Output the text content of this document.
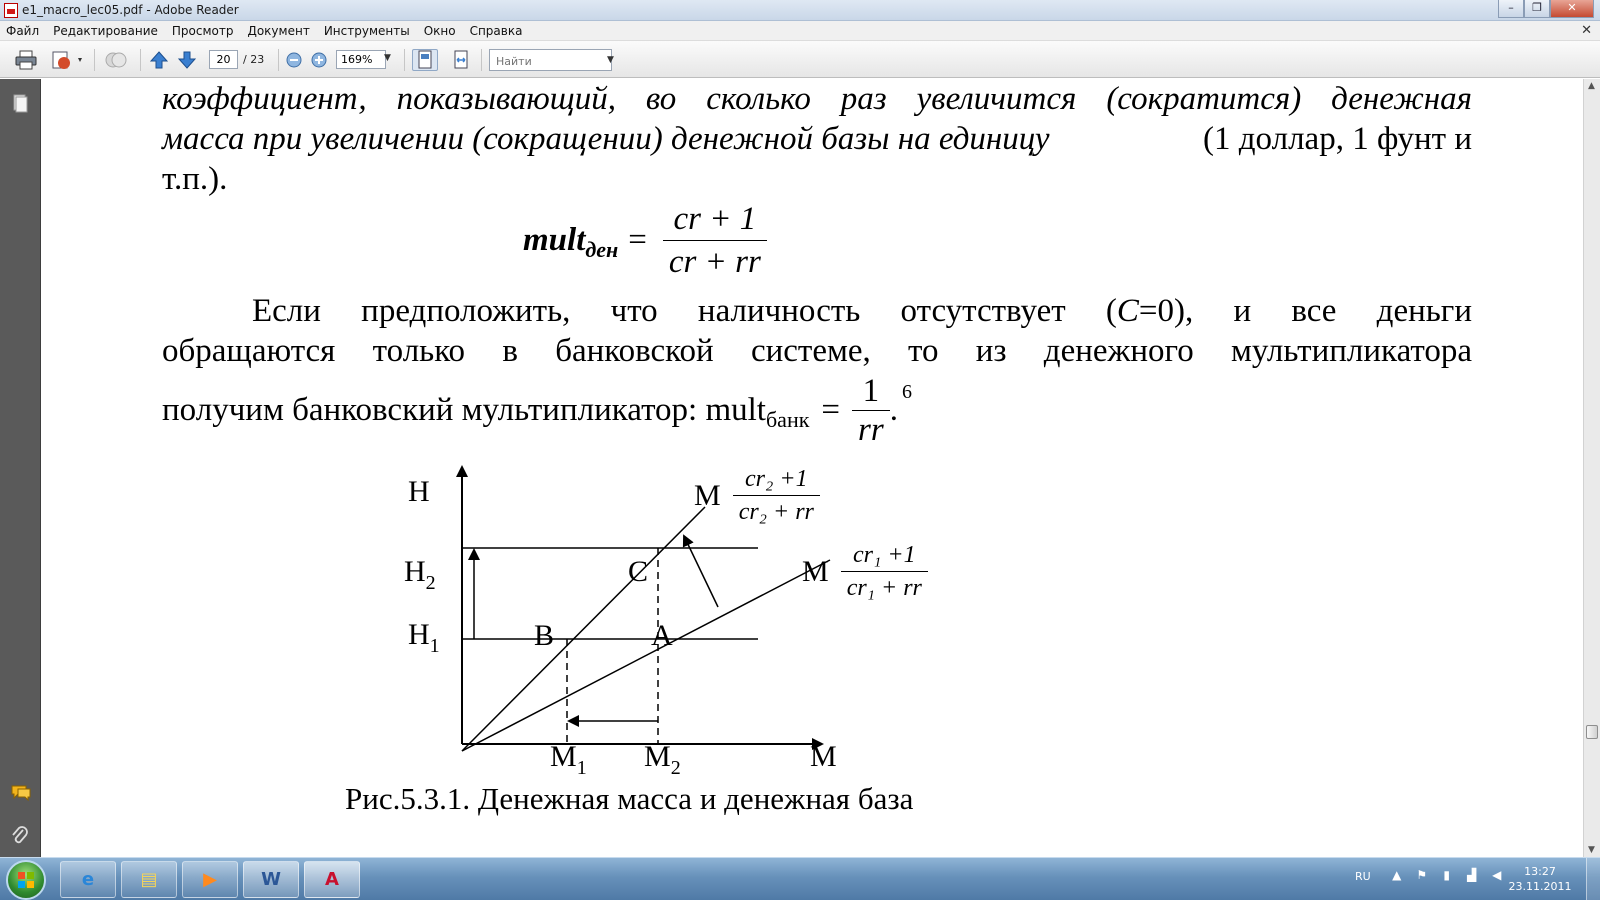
e1_macro_lec05.pdf - Adobe Reader	–	❐	✕
Файл Редактирование Просмотр Документ Инструменты Окно Справка	✕
20	/ 23	169%	▼
Найти	▼
коэффициент, показывающий, во сколько раз увеличится (сократится) денежная
масса при увеличении (сокращении) денежной базы на единицу	(1 доллар, 1 фунт и
т.п.).
mult ден = $\frac{cr + 1}{cr + rr}$
Если предположить, что наличность отсутствует (C=0), и все деньги
обращаются только в банковской системе, то из денежного мультипликатора
получим банковский мультипликатор: mult банк = $\frac{1}{rr}$ . 6
H
$H_2$
$H_1$
C
B	A
$M_1$ $M_2$	M
M $\frac{\text{cr₂ +1}}{\text{cr₂ + rr}}$
M $\frac{\text{cr₁ +1}}{\text{cr₁ + rr}}$
Рис.5.3.1. Денежная масса и денежная база
▲
▼
e	▤	▶ W A	RU ▲ ⚑	▮	▟ ◀	13:27
23.11.2011
